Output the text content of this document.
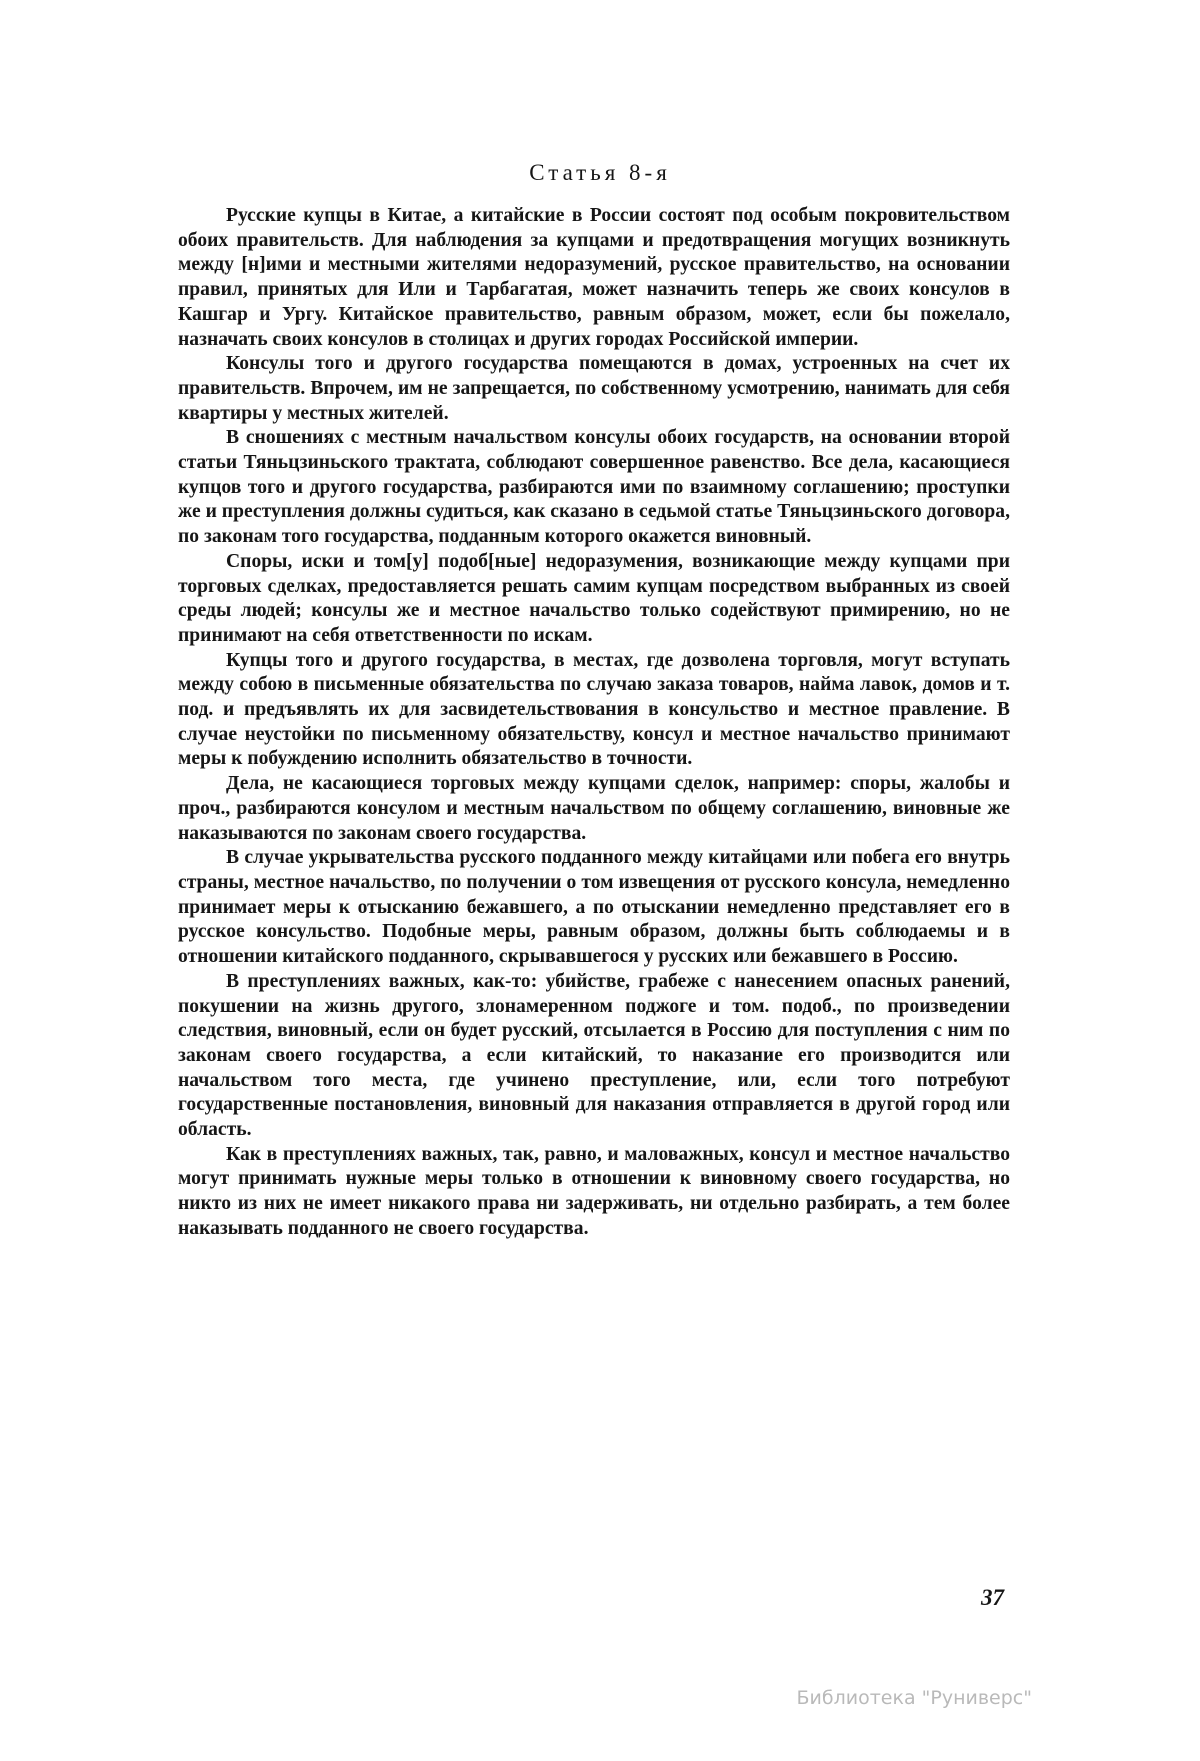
Статья 8-я

Русские купцы в Китае, а китайские в России состоят под особым покровительством обоих правительств. Для наблюдения за купцами и предотвращения могущих возникнуть между [н]ими и местными жителями недоразумений, русское правительство, на основании правил, принятых для Или и Тарбагатая, может назначить теперь же своих консулов в Кашгар и Ургу. Китайское правительство, равным образом, может, если бы пожелало, назначать своих консулов в столицах и других городах Российской империи.

Консулы того и другого государства помещаются в домах, устроенных на счет их правительств. Впрочем, им не запрещается, по собственному усмотрению, нанимать для себя квартиры у местных жителей.

В сношениях с местным начальством консулы обоих государств, на основании второй статьи Тяньцзиньского трактата, соблюдают совершенное равенство. Все дела, касающиеся купцов того и другого государства, разбираются ими по взаимному соглашению; проступки же и преступления должны судиться, как сказано в седьмой статье Тяньцзиньского договора, по законам того государства, подданным которого окажется виновный.

Споры, иски и том[у] подоб[ные] недоразумения, возникающие между купцами при торговых сделках, предоставляется решать самим купцам посредством выбранных из своей среды людей; консулы же и местное начальство только содействуют примирению, но не принимают на себя ответственности по искам.

Купцы того и другого государства, в местах, где дозволена торговля, могут вступать между собою в письменные обязательства по случаю заказа товаров, найма лавок, домов и т. под. и предъявлять их для засвидетельствования в консульство и местное правление. В случае неустойки по письменному обязательству, консул и местное начальство принимают меры к побуждению исполнить обязательство в точности.

Дела, не касающиеся торговых между купцами сделок, например: споры, жалобы и проч., разбираются консулом и местным начальством по общему соглашению, виновные же наказываются по законам своего государства.

В случае укрывательства русского подданного между китайцами или побега его внутрь страны, местное начальство, по получении о том извещения от русского консула, немедленно принимает меры к отысканию бежавшего, а по отыскании немедленно представляет его в русское консульство. Подобные меры, равным образом, должны быть соблюдаемы и в отношении китайского подданного, скрывавшегося у русских или бежавшего в Россию.

В преступлениях важных, как-то: убийстве, грабеже с нанесением опасных ранений, покушении на жизнь другого, злонамеренном поджоге и том. подоб., по произведении следствия, виновный, если он будет русский, отсылается в Россию для поступления с ним по законам своего государства, а если китайский, то наказание его производится или начальством того места, где учинено преступление, или, если того потребуют государственные постановления, виновный для наказания отправляется в другой город или область.

Как в преступлениях важных, так, равно, и маловажных, консул и местное начальство могут принимать нужные меры только в отношении к виновному своего государства, но никто из них не имеет никакого права ни задерживать, ни отдельно разбирать, а тем более наказывать подданного не своего государства.

37

Библиотека "Руниверс"
